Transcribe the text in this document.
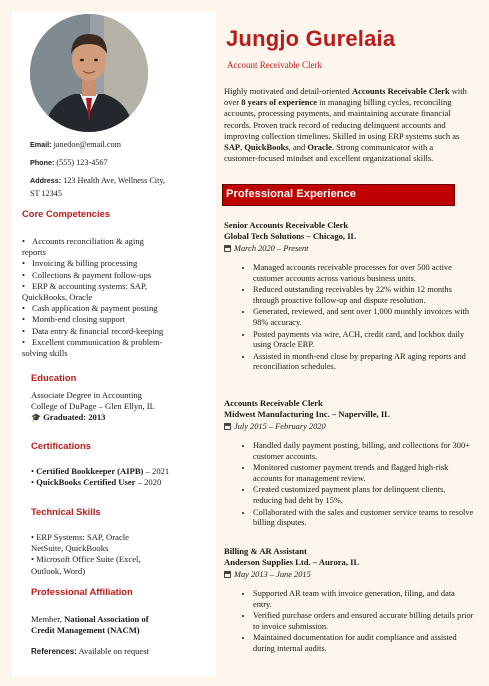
Email: janedoe@email.com
Phone: (555) 123-4567
Address: 123 Health Ave, Wellness City,
ST 12345
Core Competencies
• Accounts reconciliation & aging
reports
• Invoicing & billing processing
• Collections & payment follow-ups
• ERP & accounting systems: SAP,
QuickBooks, Oracle
• Cash application & payment posting
• Month-end closing support
• Data entry & financial record-keeping
• Excellent communication & problem-
solving skills
Education
Associate Degree in Accounting
College of DuPage – Glen Ellyn, IL
🎓 Graduated: 2013
Certifications
• Certified Bookkeeper (AIPB) – 2021
• QuickBooks Certified User – 2020
Technical Skills
• ERP Systems: SAP, Oracle
NetSuite, QuickBooks
• Microsoft Office Suite (Excel,
Outlook, Word)
Professional Affiliation
Member, National Association of
Credit Management (NACM)
References: Available on request
Jungjo Gurelaia
Account Receivable Clerk
Highly motivated and detail-oriented Accounts Receivable Clerk with over 8 years of experience in managing billing cycles, reconciling accounts, processing payments, and maintaining accurate financial records. Proven track record of reducing delinquent accounts and improving collection timelines. Skilled in using ERP systems such as SAP, QuickBooks, and Oracle. Strong communicator with a customer-focused mindset and excellent organizational skills.
Professional Experience
Senior Accounts Receivable Clerk
Global Tech Solutions – Chicago, IL
March 2020 – Present
• Managed accounts receivable processes for over 500 active customer accounts across various business units.
• Reduced outstanding receivables by 22% within 12 months through proactive follow-up and dispute resolution.
• Generated, reviewed, and sent over 1,000 monthly invoices with 98% accuracy.
• Posted payments via wire, ACH, credit card, and lockbox daily using Oracle ERP.
• Assisted in month-end close by preparing AR aging reports and reconciliation schedules.
Accounts Receivable Clerk
Midwest Manufacturing Inc. – Naperville, IL
July 2015 – February 2020
• Handled daily payment posting, billing, and collections for 300+ customer accounts.
• Monitored customer payment trends and flagged high-risk accounts for management review.
• Created customized payment plans for delinquent clients, reducing bad debt by 15%.
• Collaborated with the sales and customer service teams to resolve billing disputes.
Billing & AR Assistant
Anderson Supplies Ltd. – Aurora, IL
May 2013 – June 2015
• Supported AR team with invoice generation, filing, and data entry.
• Verified purchase orders and ensured accurate billing details prior to invoice submission.
• Maintained documentation for audit compliance and assisted during internal audits.
